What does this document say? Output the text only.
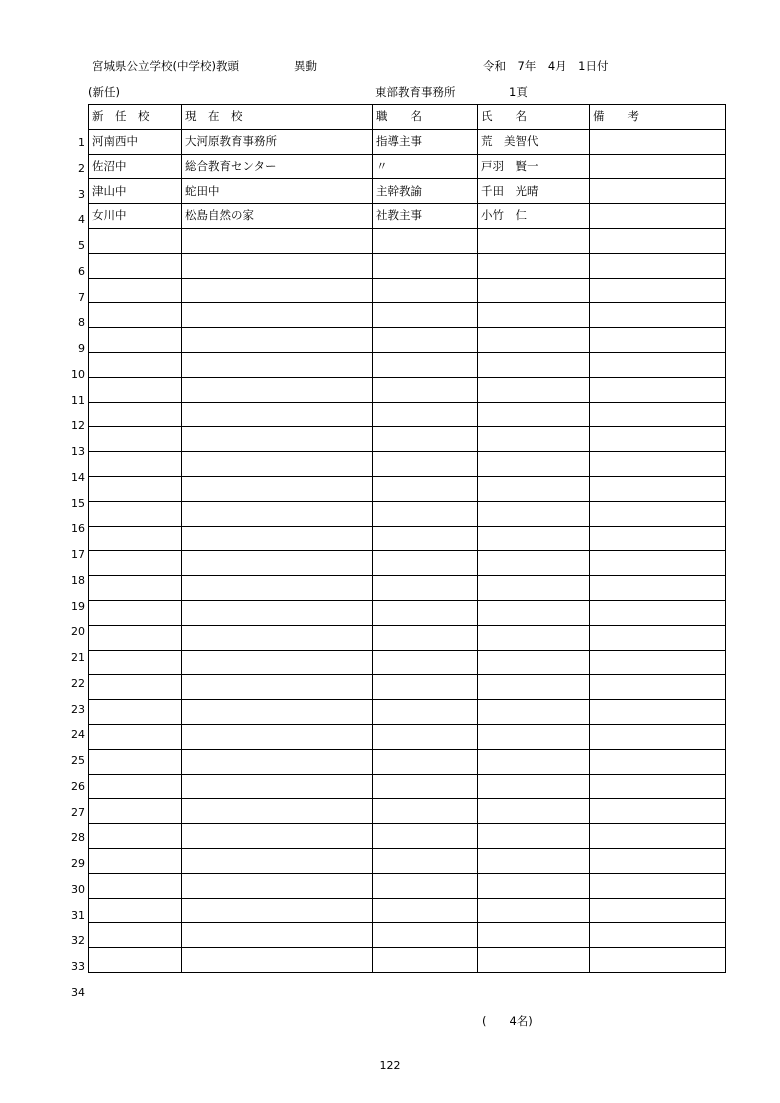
宮城県公立学校(中学校)教頭	異動	令和　7年　4月　1日付
(新任)	東部教育事務所	1頁
新　任　校	現　在　校	職　　名	氏　　名	備　　考
河南西中	大河原教育事務所	指導主事	荒　美智代	
佐沼中	総合教育センター	〃	戸羽　賢一	
津山中	蛇田中	主幹教諭	千田　光晴	
女川中	松島自然の家	社教主事	小竹　仁	

1
2
3
4
5
6
7
8
9
10
11
12
13
14
15
16
17
18
19
20
21
22
23
24
25
26
27
28
29
30
31
32
33
34
(　　4名)
122
